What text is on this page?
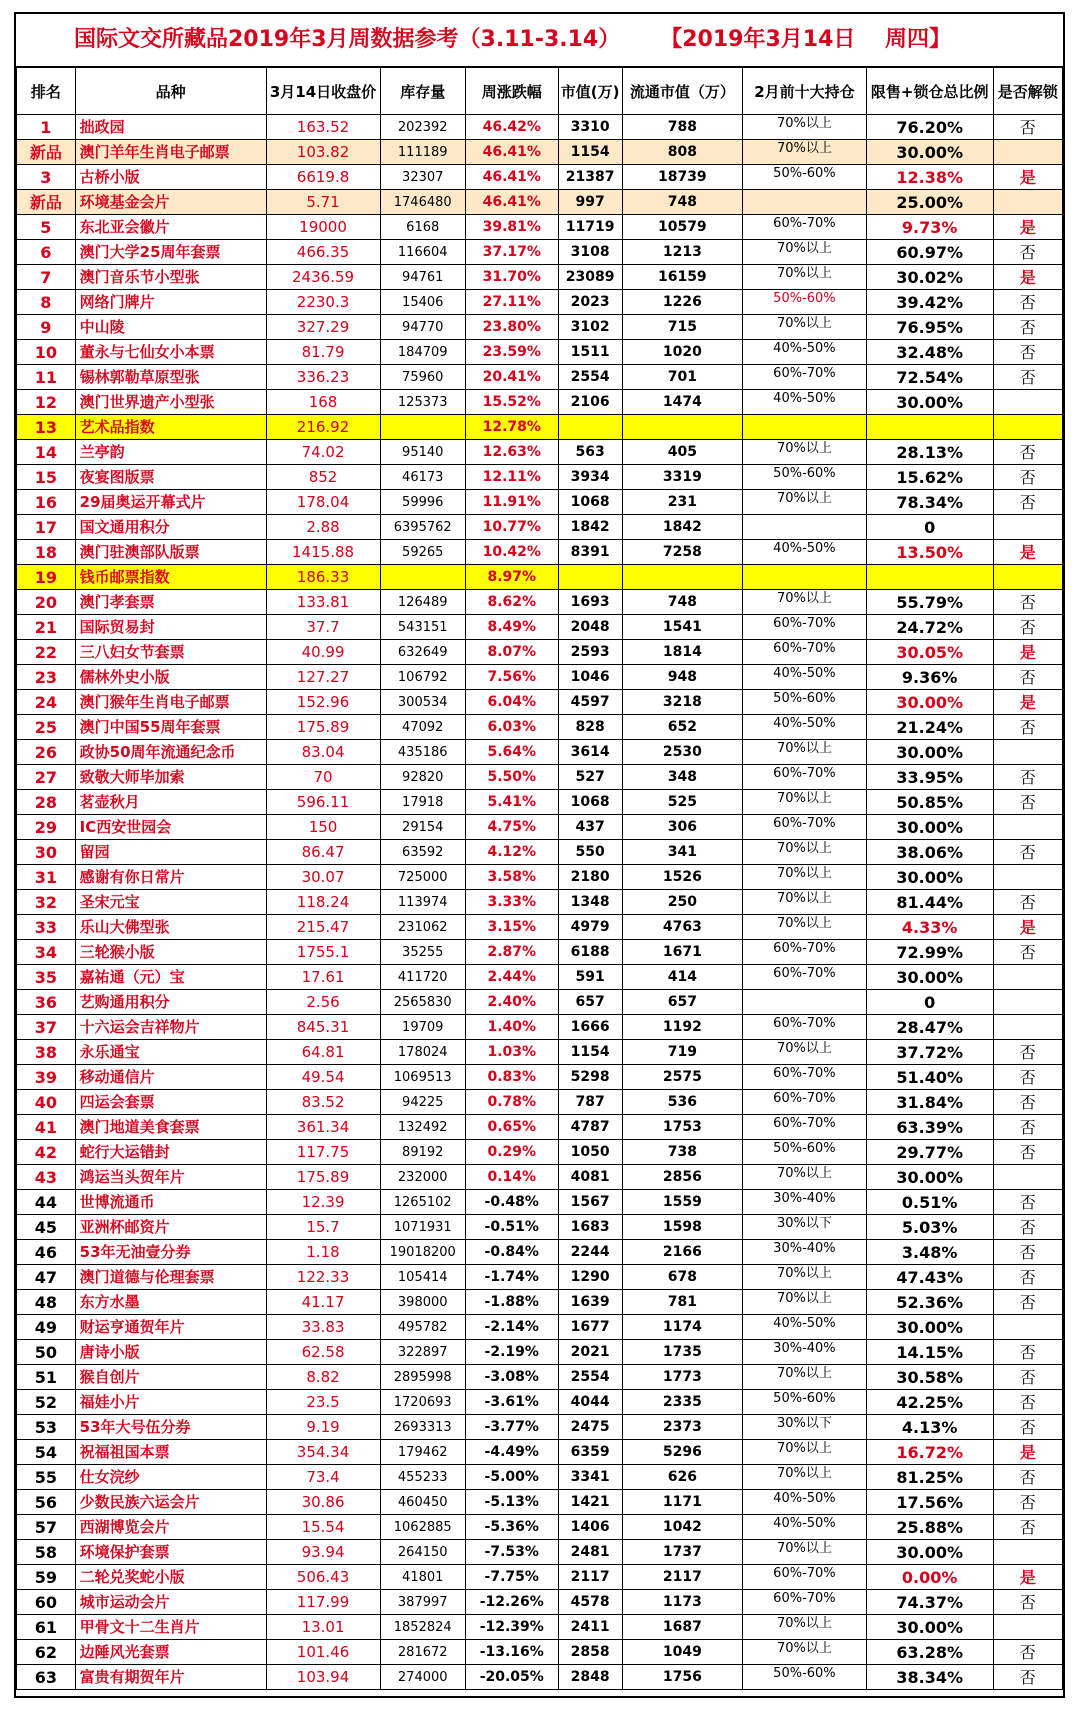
国际文交所藏品2019年3月周数据参考（3.11-3.14） 【2019年3月14日　 周四】
排名	品种	3月14日收盘价	库存量	周涨跌幅	市值(万)	流通市值（万）	2月前十大持仓	限售+锁仓总比例	是否解锁
1	拙政园	163.52	202392	46.42%	3310	788	70%以上	76.20%	否
新品	澳门羊年生肖电子邮票	103.82	111189	46.41%	1154	808	70%以上	30.00%	
3	古桥小版	6619.8	32307	46.41%	21387	18739	50%-60%	12.38%	是
新品	环境基金会片	5.71	1746480	46.41%	997	748		25.00%	
5	东北亚会徽片	19000	6168	39.81%	11719	10579	60%-70%	9.73%	是
6	澳门大学25周年套票	466.35	116604	37.17%	3108	1213	70%以上	60.97%	否
7	澳门音乐节小型张	2436.59	94761	31.70%	23089	16159	70%以上	30.02%	是
8	网络门牌片	2230.3	15406	27.11%	2023	1226	50%-60%	39.42%	否
9	中山陵	327.29	94770	23.80%	3102	715	70%以上	76.95%	否
10	董永与七仙女小本票	81.79	184709	23.59%	1511	1020	40%-50%	32.48%	否
11	锡林郭勒草原型张	336.23	75960	20.41%	2554	701	60%-70%	72.54%	否
12	澳门世界遗产小型张	168	125373	15.52%	2106	1474	40%-50%	30.00%	
13	艺术品指数	216.92		12.78%					
14	兰亭韵	74.02	95140	12.63%	563	405	70%以上	28.13%	否
15	夜宴图版票	852	46173	12.11%	3934	3319	50%-60%	15.62%	否
16	29届奥运开幕式片	178.04	59996	11.91%	1068	231	70%以上	78.34%	否
17	国文通用积分	2.88	6395762	10.77%	1842	1842		0	
18	澳门驻澳部队版票	1415.88	59265	10.42%	8391	7258	40%-50%	13.50%	是
19	钱币邮票指数	186.33		8.97%					
20	澳门孝套票	133.81	126489	8.62%	1693	748	70%以上	55.79%	否
21	国际贸易封	37.7	543151	8.49%	2048	1541	60%-70%	24.72%	否
22	三八妇女节套票	40.99	632649	8.07%	2593	1814	60%-70%	30.05%	是
23	儒林外史小版	127.27	106792	7.56%	1046	948	40%-50%	9.36%	否
24	澳门猴年生肖电子邮票	152.96	300534	6.04%	4597	3218	50%-60%	30.00%	是
25	澳门中国55周年套票	175.89	47092	6.03%	828	652	40%-50%	21.24%	否
26	政协50周年流通纪念币	83.04	435186	5.64%	3614	2530	70%以上	30.00%	
27	致敬大师毕加索	70	92820	5.50%	527	348	60%-70%	33.95%	否
28	茗壶秋月	596.11	17918	5.41%	1068	525	70%以上	50.85%	否
29	IC西安世园会	150	29154	4.75%	437	306	60%-70%	30.00%	
30	留园	86.47	63592	4.12%	550	341	70%以上	38.06%	否
31	感谢有你日常片	30.07	725000	3.58%	2180	1526	70%以上	30.00%	
32	圣宋元宝	118.24	113974	3.33%	1348	250	70%以上	81.44%	否
33	乐山大佛型张	215.47	231062	3.15%	4979	4763	70%以上	4.33%	是
34	三轮猴小版	1755.1	35255	2.87%	6188	1671	60%-70%	72.99%	否
35	嘉祐通（元）宝	17.61	411720	2.44%	591	414	60%-70%	30.00%	
36	艺购通用积分	2.56	2565830	2.40%	657	657		0	
37	十六运会吉祥物片	845.31	19709	1.40%	1666	1192	60%-70%	28.47%	
38	永乐通宝	64.81	178024	1.03%	1154	719	70%以上	37.72%	否
39	移动通信片	49.54	1069513	0.83%	5298	2575	60%-70%	51.40%	否
40	四运会套票	83.52	94225	0.78%	787	536	60%-70%	31.84%	否
41	澳门地道美食套票	361.34	132492	0.65%	4787	1753	60%-70%	63.39%	否
42	蛇行大运错封	117.75	89192	0.29%	1050	738	50%-60%	29.77%	否
43	鸿运当头贺年片	175.89	232000	0.14%	4081	2856	70%以上	30.00%	
44	世博流通币	12.39	1265102	-0.48%	1567	1559	30%-40%	0.51%	否
45	亚洲杯邮资片	15.7	1071931	-0.51%	1683	1598	30%以下	5.03%	否
46	53年无油壹分券	1.18	19018200	-0.84%	2244	2166	30%-40%	3.48%	否
47	澳门道德与伦理套票	122.33	105414	-1.74%	1290	678	70%以上	47.43%	否
48	东方水墨	41.17	398000	-1.88%	1639	781	70%以上	52.36%	否
49	财运亨通贺年片	33.83	495782	-2.14%	1677	1174	40%-50%	30.00%	
50	唐诗小版	62.58	322897	-2.19%	2021	1735	30%-40%	14.15%	否
51	猴自创片	8.82	2895998	-3.08%	2554	1773	70%以上	30.58%	否
52	福娃小片	23.5	1720693	-3.61%	4044	2335	50%-60%	42.25%	否
53	53年大号伍分券	9.19	2693313	-3.77%	2475	2373	30%以下	4.13%	否
54	祝福祖国本票	354.34	179462	-4.49%	6359	5296	70%以上	16.72%	是
55	仕女浣纱	73.4	455233	-5.00%	3341	626	70%以上	81.25%	否
56	少数民族六运会片	30.86	460450	-5.13%	1421	1171	40%-50%	17.56%	否
57	西湖博览会片	15.54	1062885	-5.36%	1406	1042	40%-50%	25.88%	否
58	环境保护套票	93.94	264150	-7.53%	2481	1737	70%以上	30.00%	
59	二轮兑奖蛇小版	506.43	41801	-7.75%	2117	2117	60%-70%	0.00%	是
60	城市运动会片	117.99	387997	-12.26%	4578	1173	60%-70%	74.37%	否
61	甲骨文十二生肖片	13.01	1852824	-12.39%	2411	1687	70%以上	30.00%	
62	边陲风光套票	101.46	281672	-13.16%	2858	1049	70%以上	63.28%	否
63	富贵有期贺年片	103.94	274000	-20.05%	2848	1756	50%-60%	38.34%	否
